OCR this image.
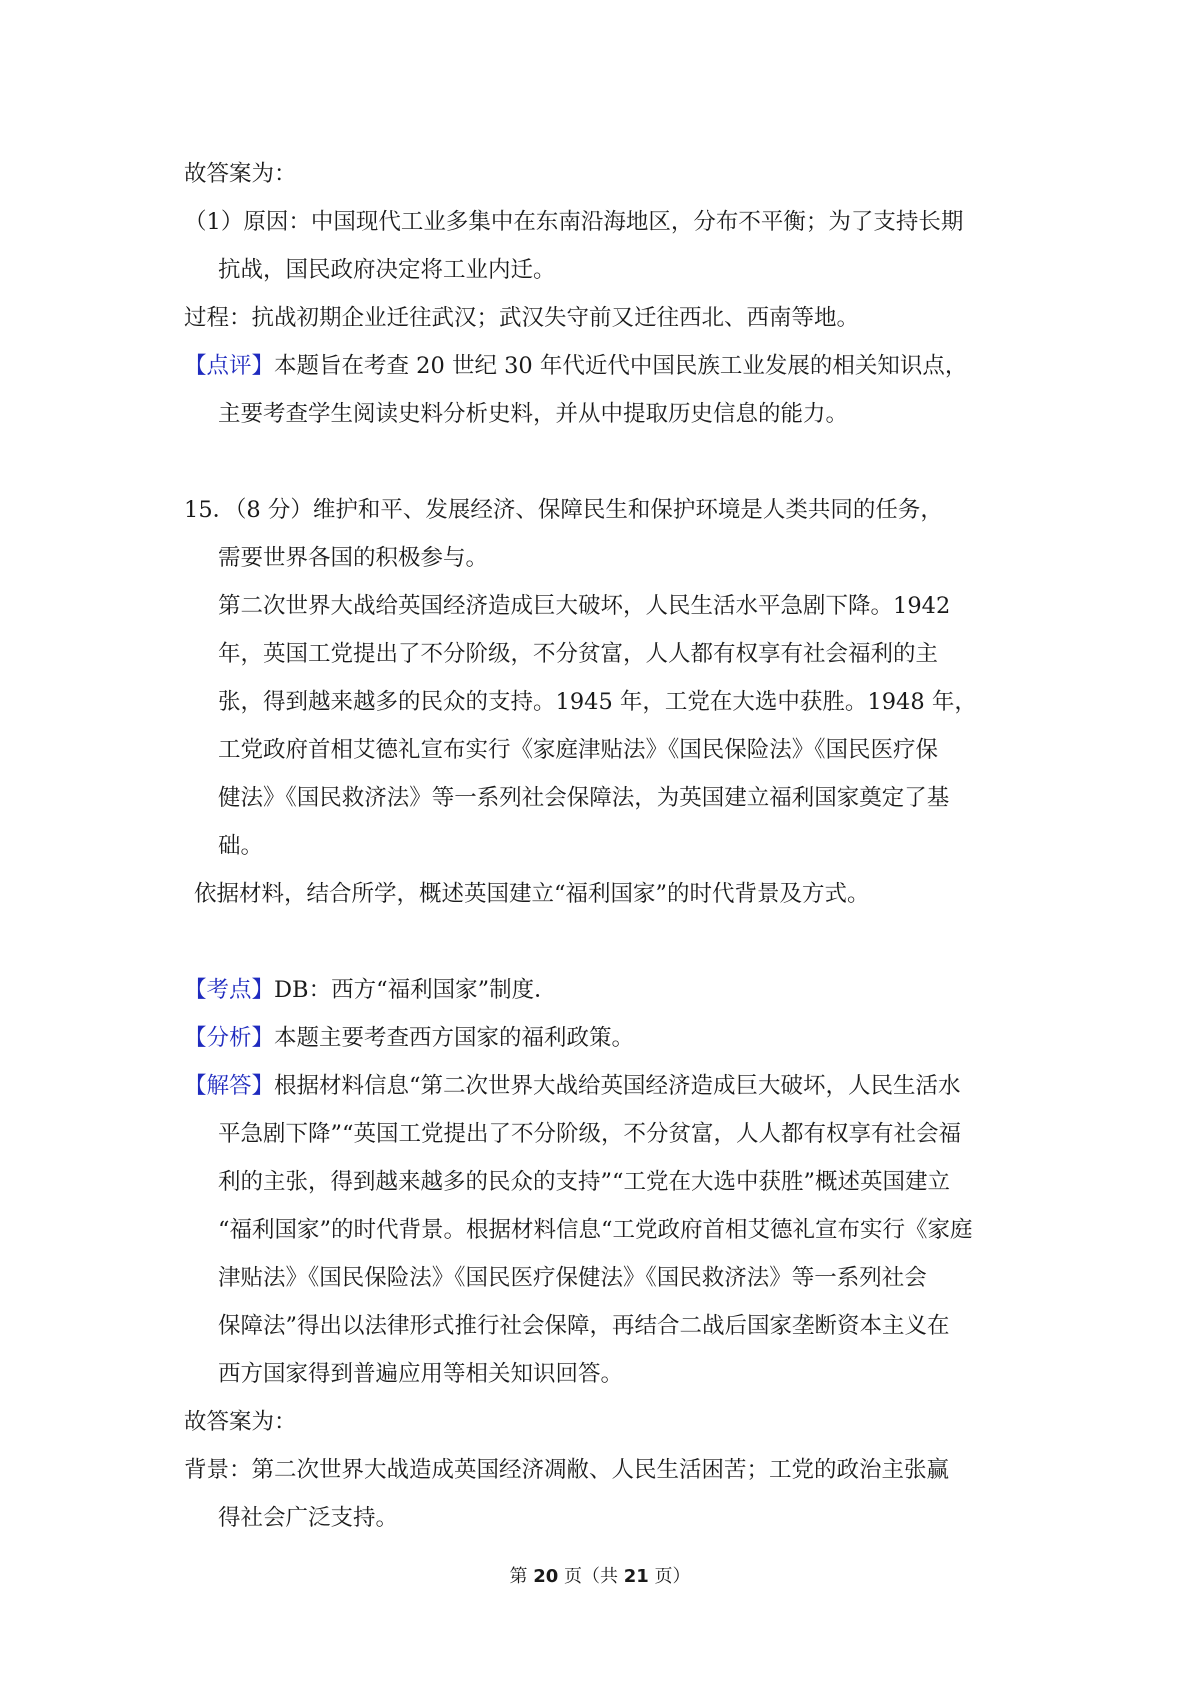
故答案为：
（1）原因：中国现代工业多集中在东南沿海地区，分布不平衡；为了支持长期
抗战，国民政府决定将工业内迁。
过程：抗战初期企业迁往武汉；武汉失守前又迁往西北、西南等地。
【点评】本题旨在考查 20 世纪 30 年代近代中国民族工业发展的相关知识点，
主要考查学生阅读史料分析史料，并从中提取历史信息的能力。
15．（8 分）维护和平、发展经济、保障民生和保护环境是人类共同的任务，
需要世界各国的积极参与。
第二次世界大战给英国经济造成巨大破坏，人民生活水平急剧下降。1942
年，英国工党提出了不分阶级，不分贫富，人人都有权享有社会福利的主
张，得到越来越多的民众的支持。1945 年，工党在大选中获胜。1948 年，
工党政府首相艾德礼宣布实行《家庭津贴法》《国民保险法》《国民医疗保
健法》《国民救济法》等一系列社会保障法，为英国建立福利国家奠定了基
础。
依据材料，结合所学，概述英国建立“福利国家”的时代背景及方式。
【考点】DB：西方“福利国家”制度．
【分析】本题主要考查西方国家的福利政策。
【解答】根据材料信息“第二次世界大战给英国经济造成巨大破坏，人民生活水
平急剧下降”“英国工党提出了不分阶级，不分贫富，人人都有权享有社会福
利的主张，得到越来越多的民众的支持”“工党在大选中获胜”概述英国建立
“福利国家”的时代背景。根据材料信息“工党政府首相艾德礼宣布实行《家庭
津贴法》《国民保险法》《国民医疗保健法》《国民救济法》等一系列社会
保障法”得出以法律形式推行社会保障，再结合二战后国家垄断资本主义在
西方国家得到普遍应用等相关知识回答。
故答案为：
背景：第二次世界大战造成英国经济凋敝、人民生活困苦；工党的政治主张赢
得社会广泛支持。
第 20 页（共 21 页）
